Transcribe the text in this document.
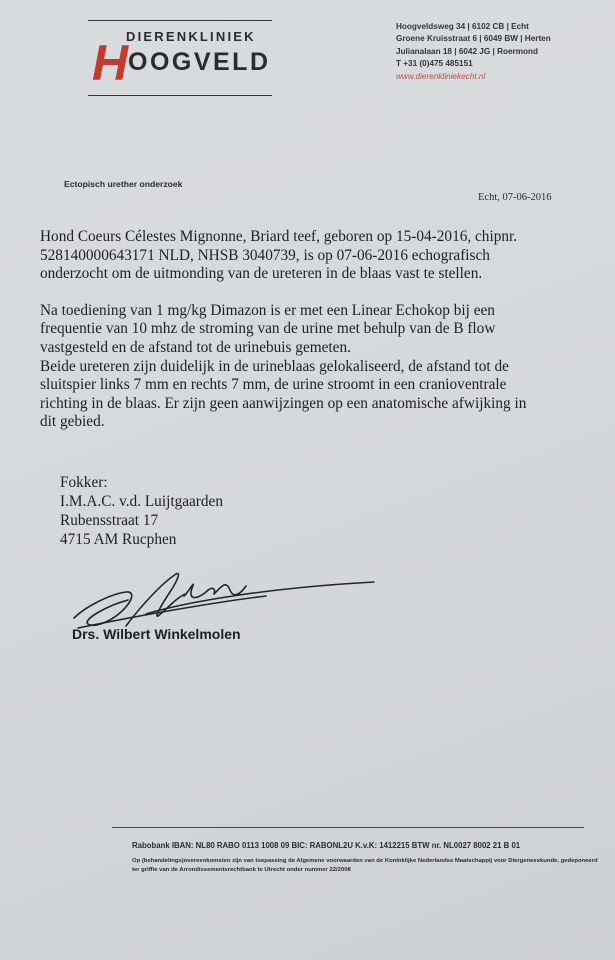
DIERENKLINIEK
H OOGVELD
Hoogveldsweg 34 | 6102 CB | Echt
Groene Kruisstraat 6 | 6049 BW | Herten
Julianalaan 18 | 6042 JG | Roermond
T +31 (0)475 485151
www.dierenkliniekecht.nl
Ectopisch urether onderzoek
Echt, 07-06-2016

Hond Coeurs Célestes Mignonne, Briard teef, geboren op 15-04-2016, chipnr.

528140000643171 NLD, NHSB 3040739, is op 07-06-2016 echografisch

onderzocht om de uitmonding van de ureteren in de blaas vast te stellen.

Na toediening van 1 mg/kg Dimazon is er met een Linear Echokop bij een

frequentie van 10 mhz de stroming van de urine met behulp van de B flow

vastgesteld en de afstand tot de urinebuis gemeten.

Beide ureteren zijn duidelijk in de urineblaas gelokaliseerd, de afstand tot de

sluitspier links 7 mm en rechts 7 mm, de urine stroomt in een cranioventrale

richting in de blaas. Er zijn geen aanwijzingen op een anatomische afwijking in

dit gebied.

Fokker:
I.M.A.C. v.d. Luijtgaarden
Rubensstraat 17
4715 AM Rucphen
Drs. Wilbert Winkelmolen
Rabobank IBAN: NL80 RABO 0113 1008 09 BIC: RABONL2U K.v.K: 1412215 BTW nr. NL0027 8002 21 B 01
Op (behandelings)overeenkomsten zijn van toepassing de Algemene voorwaarden van de Koninklijke Nederlandse Maatschappij voor Diergeneeskunde, gedeponeerd ter griffie van de Arrondissementsrechtbank te Utrecht onder nummer 22/2008
